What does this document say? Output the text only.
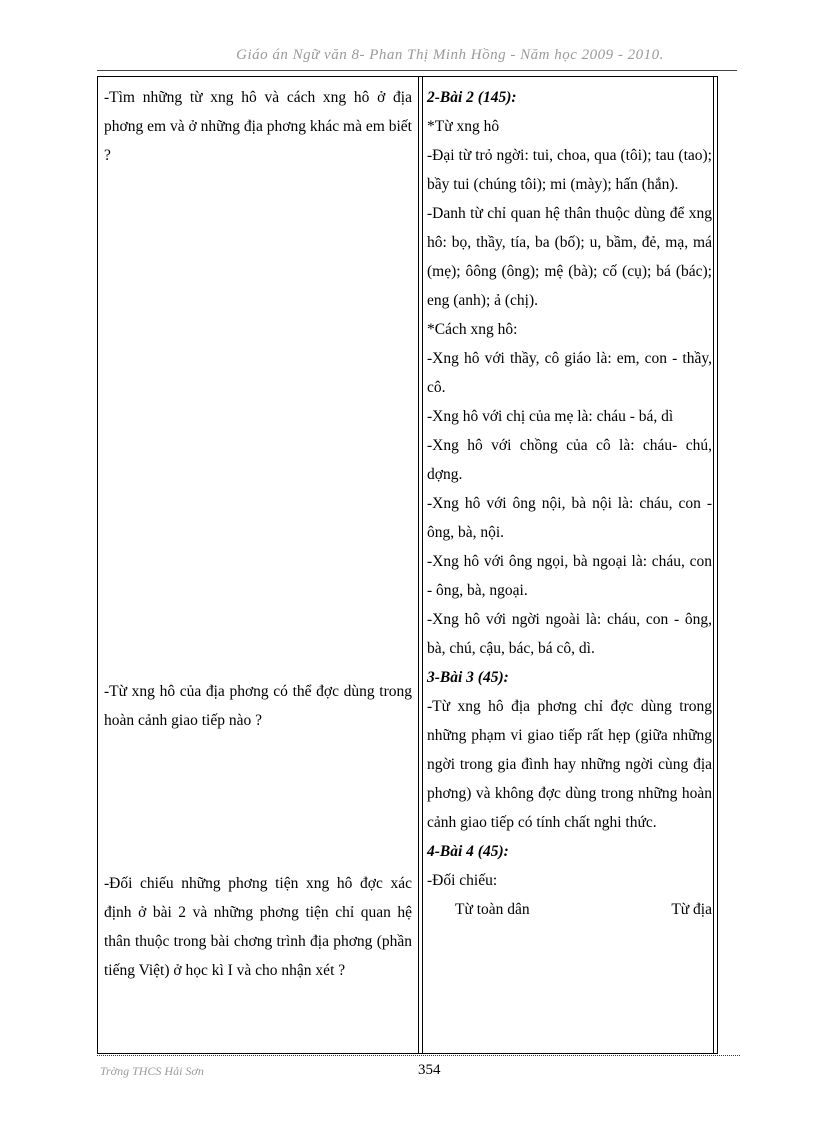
Giáo án Ngữ văn 8- Phan Thị Minh Hồng - Năm học 2009 - 2010.

-Tìm những từ xng hô và cách xng hô ở địa phơng em và ở những địa phơng khác mà em biết ?

-Từ xng hô của địa phơng có thể đợc dùng trong hoàn cảnh giao tiếp nào ?

-Đối chiếu những phơng tiện xng hô đợc xác định ở bài 2 và những phơng tiện chỉ quan hệ thân thuộc trong bài chơng trình địa phơng (phần tiếng Việt) ở học kì I và cho nhận xét ?

2-Bài 2 (145):

*Từ xng hô

-Đại từ trỏ ngời: tui, choa, qua (tôi); tau (tao); bầy tui (chúng tôi); mi (mày); hấn (hắn).

-Danh từ chỉ quan hệ thân thuộc dùng để xng hô: bọ, thầy, tía, ba (bố); u, bầm, đẻ, mạ, má (mẹ); ôông (ông); mệ (bà); cố (cụ); bá (bác); eng (anh); ả (chị).

*Cách xng hô:

-Xng hô với thầy, cô giáo là: em, con - thầy, cô.

-Xng hô với chị của mẹ là: cháu - bá, dì

-Xng hô với chồng của cô là: cháu- chú, dợng.

-Xng hô với ông nội, bà nội là: cháu, con - ông, bà, nội.

-Xng hô với ông ngọi, bà ngoại là: cháu, con - ông, bà, ngoại.

-Xng hô với ngời ngoài là: cháu, con - ông, bà, chú, cậu, bác, bá cô, dì.

3-Bài 3 (45):

-Từ xng hô địa phơng chỉ đợc dùng trong những phạm vi giao tiếp rất hẹp (giữa những ngời trong gia đình hay những ngời cùng địa phơng) và không đợc dùng trong những hoàn cảnh giao tiếp có tính chất nghi thức.

4-Bài 4 (45):

-Đối chiếu:

Từ toàn dân	Từ địa
Trờng THCS Hải Sơn	354
